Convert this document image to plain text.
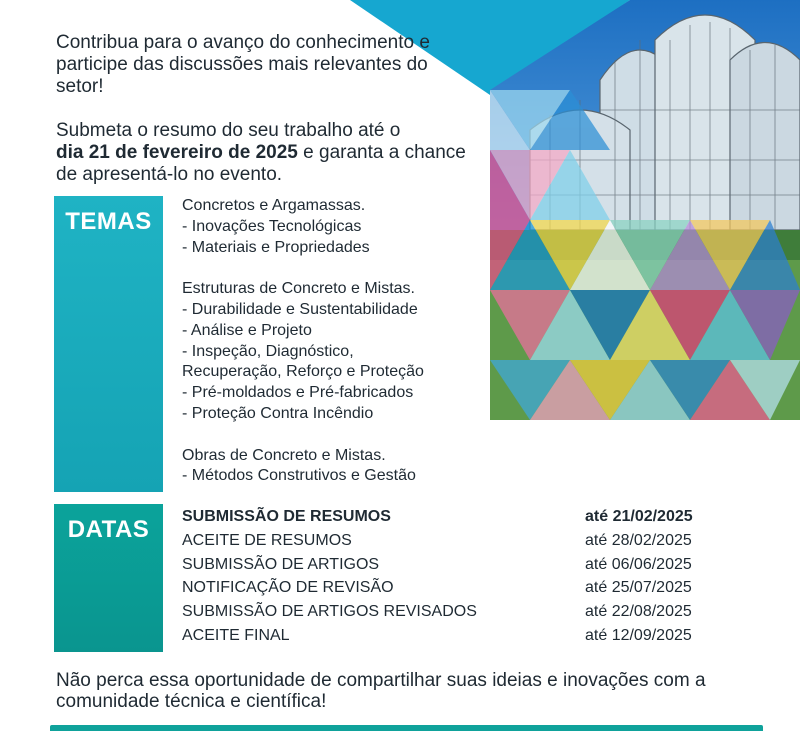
Contribua para o avanço do conhecimento e participe das discussões mais relevantes do setor!

Submeta o resumo do seu trabalho até o
dia 21 de fevereiro de 2025 e garanta a chance de apresentá-lo no evento.

TEMAS
Concretos e Argamassas.
- Inovações Tecnológicas
- Materiais e Propriedades
Estruturas de Concreto e Mistas.
- Durabilidade e Sustentabilidade
- Análise e Projeto
- Inspeção, Diagnóstico,
Recuperação, Reforço e Proteção
- Pré-moldados e Pré-fabricados
- Proteção Contra Incêndio
Obras de Concreto e Mistas.
- Métodos Construtivos e Gestão
DATAS	SUBMISSÃO DE RESUMOS	até 21/02/2025
ACEITE DE RESUMOS	até 28/02/2025
SUBMISSÃO DE ARTIGOS	até 06/06/2025
NOTIFICAÇÃO DE REVISÃO	até 25/07/2025
SUBMISSÃO DE ARTIGOS REVISADOS	até 22/08/2025
ACEITE FINAL	até 12/09/2025
Não perca essa oportunidade de compartilhar suas ideias e inovações com a comunidade técnica e científica!
